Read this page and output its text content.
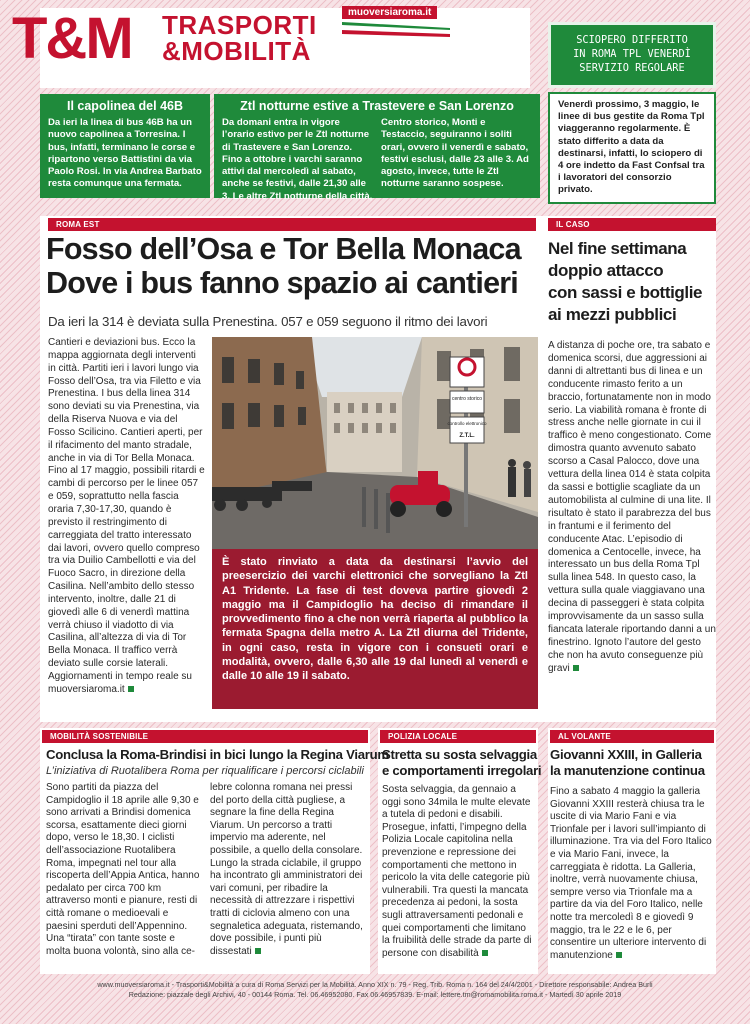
T&M TRASPORTI
&MOBILITÀ
muoversiaroma.it
Il capolinea del 46B
Da ieri la linea di bus 46B ha un nuovo capolinea a Torresina. I bus, infatti, terminano le corse e ripartono verso Battistini da via Paolo Rosi. In via Andrea Barbato resta comunque una fermata.
Ztl notturne estive a Trastevere e San Lorenzo
Da domani entra in vigore l’orario estivo per le Ztl notturne di Trastevere e San Lorenzo. Fino a ottobre i varchi saranno attivi dal mercoledì al sabato, anche se festivi, dalle 21,30 alle 3. Le altre Ztl notturne della città, Centro storico, Monti e Testaccio, seguiranno i soliti orari, ovvero il venerdì e sabato, festivi esclusi, dalle 23 alle 3. Ad agosto, invece, tutte le Ztl notturne saranno sospese.
SCIOPERO DIFFERITO
IN ROMA TPL VENERDÌ
SERVIZIO REGOLARE
Venerdì prossimo, 3 maggio, le linee di bus gestite da Roma Tpl viaggeranno regolarmente. È stato differito a data da destinarsi, infatti, lo sciopero di 4 ore indetto da Fast Confsal tra i lavoratori del consorzio privato.
ROMA EST	IL CASO
Fosso dell’Osa e Tor Bella Monaca
Dove i bus fanno spazio ai cantieri
Da ieri la 314 è deviata sulla Prenestina. 057 e 059 seguono il ritmo dei lavori
Cantieri e deviazioni bus. Ecco la mappa aggiornata degli interventi in città. Partiti ieri i lavori lungo via Fosso dell’Osa, tra via Filetto e via Prenestina. I bus della linea 314 sono deviati su via Prenestina, via della Riserva Nuova e via del Fosso Scilicino. Cantieri aperti, per il rifacimento del manto stradale, anche in via di Tor Bella Monaca. Fino al 17 maggio, possibili ritardi e cambi di percorso per le linee 057 e 059, soprattutto nella fascia oraria 7,30-17,30, quando è previsto il restringimento di carreggiata del tratto interessato dai lavori, ovvero quello compreso tra via Duilio Cambellotti e via del Fuoco Sacro, in direzione della Casilina. Nell’ambito dello stesso intervento, inoltre, dalle 21 di giovedì alle 6 di venerdì mattina verrà chiuso il viadotto di via Casilina, all’altezza di via di Tor Bella Monaca. Il traffico verrà deviato sulle corsie laterali. Aggiornamenti in tempo reale su muoversiaroma.it
centro storico
controllo elettronico
Z.T.L.
È stato rinviato a data da destinarsi l’avvio del preesercizio dei varchi elettronici che sorvegliano la Ztl A1 Tridente. La fase di test doveva partire giovedì 2 maggio ma il Campidoglio ha deciso di rimandare il provvedimento fino a che non verrà riaperta al pubblico la fermata Spagna della metro A. La Ztl diurna del Tridente, in ogni caso, resta in vigore con i consueti orari e modalità, ovvero, dalle 6,30 alle 19 dal lunedì al venerdì e dalle 10 alle 19 il sabato.
Nel fine settimana
doppio attacco
con sassi e bottiglie
ai mezzi pubblici
A distanza di poche ore, tra sabato e domenica scorsi, due aggressioni ai danni di altrettanti bus di linea e un conducente rimasto ferito a un braccio, fortunatamente non in modo serio. La viabilità romana è fronte di stress anche nelle giornate in cui il traffico è meno congestionato. Come dimostra quanto avvenuto sabato scorso a Casal Palocco, dove una vettura della linea 014 è stata colpita da sassi e bottiglie scagliate da un automobilista al culmine di una lite. Il risultato è stato il parabrezza del bus in frantumi e il ferimento del conducente Atac. L’episodio di domenica a Centocelle, invece, ha interessato un bus della Roma Tpl sulla linea 548. In questo caso, la vettura sulla quale viaggiavano una decina di passeggeri è stata colpita improvvisamente da un sasso sulla fiancata laterale riportando danni a un finestrino. Ignoto l’autore del gesto che non ha avuto conseguenze più gravi
MOBILITÀ SOSTENIBILE	POLIZIA LOCALE	AL VOLANTE
Conclusa la Roma-Brindisi in bici lungo la Regina Viarum
L’iniziativa di Ruotalibera Roma per riqualificare i percorsi ciclabili
Sono partiti da piazza del Campidoglio il 18 aprile alle 9,30 e sono arrivati a Brindisi domenica scorsa, esattamente dieci giorni dopo, verso le 18,30. I ciclisti dell’associazione Ruotalibera Roma, impegnati nel tour alla riscoperta dell’Appia Antica, hanno pedalato per circa 700 km attraverso monti e pianure, resti di città romane o medioevali e paesini sperduti dell’Appennino. Una “tirata” con tante soste e molta buona volontà, sino alla ce-
lebre colonna romana nei pressi del porto della città pugliese, a segnare la fine della Regina Viarum. Un percorso a tratti impervio ma aderente, nel possibile, a quello della consolare. Lungo la strada ciclabile, il gruppo ha incontrato gli amministratori dei vari comuni, per ribadire la necessità di attrezzare i rispettivi tratti di ciclovia almeno con una segnaletica adeguata, ristemando, dove possibile, i punti più dissestati
Stretta su sosta selvaggia
e comportamenti irregolari
Sosta selvaggia, da gennaio a oggi sono 34mila le multe elevate a tutela di pedoni e disabili. Prosegue, infatti, l’impegno della Polizia Locale capitolina nella prevenzione e repressione dei comportamenti che mettono in pericolo la vita delle categorie più vulnerabili. Tra questi la mancata precedenza ai pedoni, la sosta sugli attraversamenti pedonali e quei comportamenti che limitano la fruibilità delle strade da parte di persone con disabilità
Giovanni XXIII, in Galleria
la manutenzione continua
Fino a sabato 4 maggio la galleria Giovanni XXIII resterà chiusa tra le uscite di via Mario Fani e via Trionfale per i lavori sull’impianto di illuminazione. Tra via del Foro Italico e via Mario Fani, invece, la carreggiata è ridotta. La Galleria, inoltre, verrà nuovamente chiusa, sempre verso via Trionfale ma a partire da via del Foro Italico, nelle notte tra mercoledì 8 e giovedì 9 maggio, tra le 22 e le 6, per consentire un ulteriore intervento di manutenzione
www.muoversiaroma.it - Trasporti&Mobilità a cura di Roma Servizi per la Mobilità. Anno XIX n. 79 - Reg. Trib. Roma n. 164 del 24/4/2001 - Direttore responsabile: Andrea Burli
Redazione: piazzale degli Archivi, 40 - 00144 Roma. Tel. 06.46952080. Fax 06.46957839. E-mail: lettere.tm@romamobilita.roma.it - Martedì 30 aprile 2019
